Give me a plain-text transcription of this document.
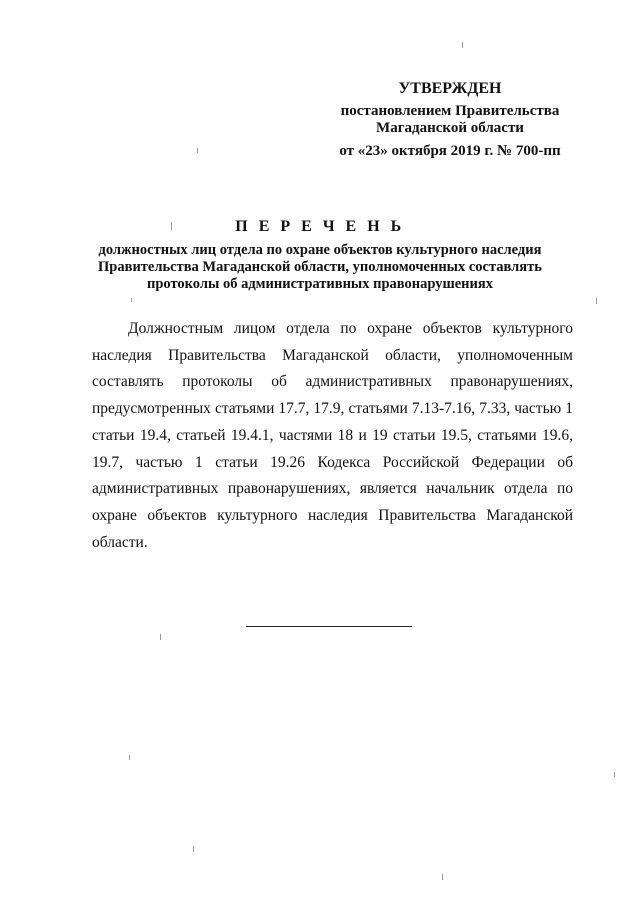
УТВЕРЖДЕН
постановлением Правительства
Магаданской области
от «23» октября 2019 г. № 700-пп
П Е Р Е Ч Е Н Ь
должностных лиц отдела по охране объектов культурного наследия
Правительства Магаданской области, уполномоченных составлять
протоколы об административных правонарушениях

Должностным лицом отдела по охране объектов культурного наследия Правительства Магаданской области, уполномоченным составлять протоколы об административных правонарушениях, предусмотренных статьями 17.7, 17.9, статьями 7.13-7.16, 7.33, частью 1 статьи 19.4, статьей 19.4.1, частями 18 и 19 статьи 19.5, статьями 19.6, 19.7, частью 1 статьи 19.26 Кодекса Российской Федерации об административных правонарушениях, является начальник отдела по охране объектов культурного наследия Правительства Магаданской области.
